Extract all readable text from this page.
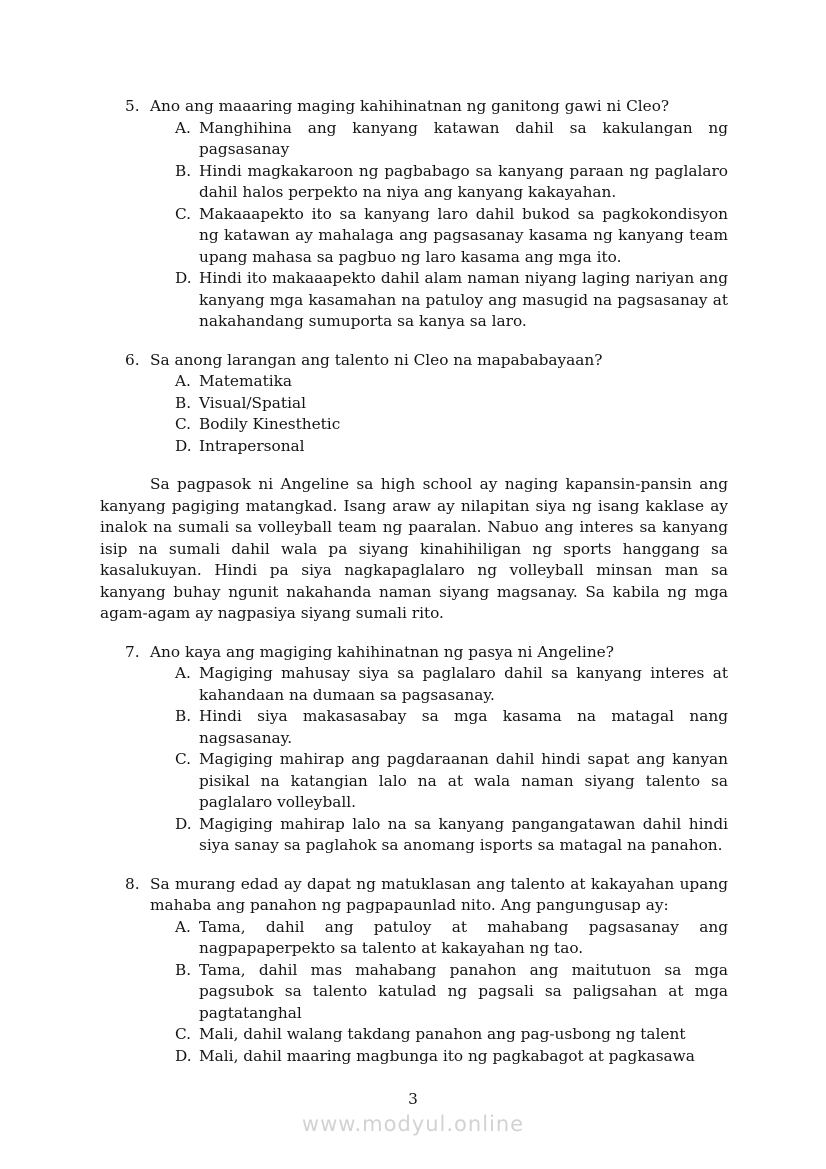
5. Ano ang maaaring maging kahihinatnan ng ganitong gawi ni Cleo?
A. Manghihina ang kanyang katawan dahil sa kakulangan ng pagsasanay
B. Hindi magkakaroon ng pagbabago sa kanyang paraan ng paglalaro dahil halos perpekto na niya ang kanyang kakayahan.
C. Makaaapekto ito sa kanyang laro dahil bukod sa pagkokondisyon ng katawan ay mahalaga ang pagsasanay kasama ng kanyang team upang mahasa sa pagbuo ng laro kasama ang mga ito.
D. Hindi ito makaaapekto dahil alam naman niyang laging nariyan ang kanyang mga kasamahan na patuloy ang masugid na pagsasanay at nakahandang sumuporta sa kanya sa laro.
6. Sa anong larangan ang talento ni Cleo na mapababayaan?
A. Matematika
B. Visual/Spatial
C. Bodily Kinesthetic
D. Intrapersonal
Sa pagpasok ni Angeline sa high school ay naging kapansin-pansin ang kanyang pagiging matangkad. Isang araw ay nilapitan siya ng isang kaklase ay inalok na sumali sa volleyball team ng paaralan. Nabuo ang interes sa kanyang isip na sumali dahil wala pa siyang kinahihiligan ng sports hanggang sa kasalukuyan. Hindi pa siya nagkapaglalaro ng volleyball minsan man sa kanyang buhay ngunit nakahanda naman siyang magsanay. Sa kabila ng mga agam-agam ay nagpasiya siyang sumali rito.
7. Ano kaya ang magiging kahihinatnan ng pasya ni Angeline?
A. Magiging mahusay siya sa paglalaro dahil sa kanyang interes at kahandaan na dumaan sa pagsasanay.
B. Hindi siya makasasabay sa mga kasama na matagal nang nagsasanay.
C. Magiging mahirap ang pagdaraanan dahil hindi sapat ang kanyan pisikal na katangian lalo na at wala naman siyang talento sa paglalaro volleyball.
D. Magiging mahirap lalo na sa kanyang pangangatawan dahil hindi siya sanay sa paglahok sa anomang isports sa matagal na panahon.
8. Sa murang edad ay dapat ng matuklasan ang talento at kakayahan upang mahaba ang panahon ng pagpapaunlad nito. Ang pangungusap ay:
A. Tama, dahil ang patuloy at mahabang pagsasanay ang nagpapaperpekto sa talento at kakayahan ng tao.
B. Tama, dahil mas mahabang panahon ang maitutuon sa mga pagsubok sa talento katulad ng pagsali sa paligsahan at mga pagtatanghal
C. Mali, dahil walang takdang panahon ang pag-usbong ng talent
D. Mali, dahil maaring magbunga ito ng pagkabagot at pagkasawa
3
www.modyul.online
